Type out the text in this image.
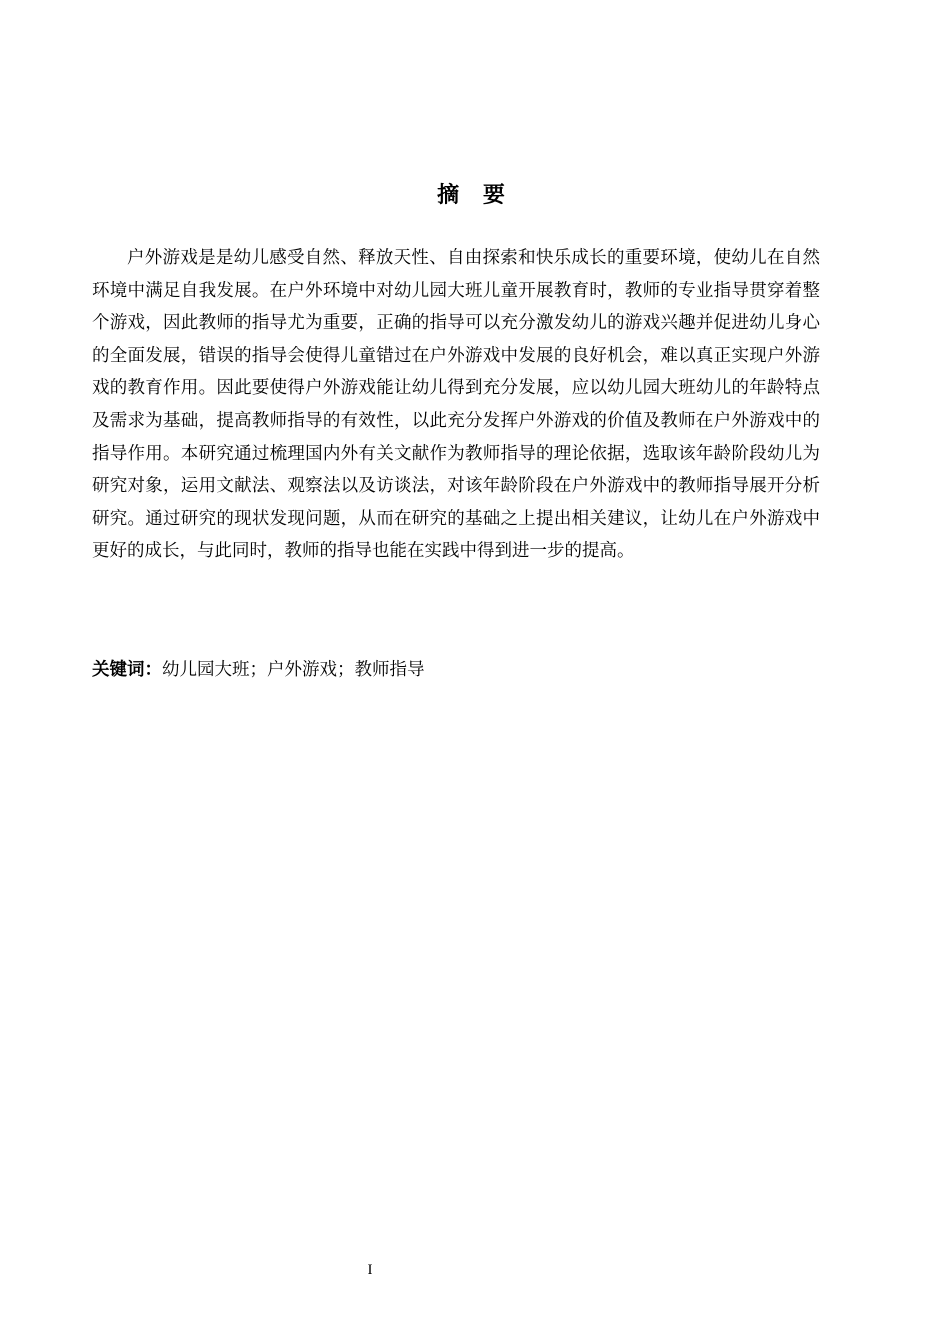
摘 要

户外游戏是是幼儿感受自然、释放天性、自由探索和快乐成长的重要环境，使幼儿在自然环境中满足自我发展。在户外环境中对幼儿园大班儿童开展教育时，教师的专业指导贯穿着整个游戏，因此教师的指导尤为重要，正确的指导可以充分激发幼儿的游戏兴趣并促进幼儿身心的全面发展，错误的指导会使得儿童错过在户外游戏中发展的良好机会，难以真正实现户外游戏的教育作用。因此要使得户外游戏能让幼儿得到充分发展，应以幼儿园大班幼儿的年龄特点及需求为基础，提高教师指导的有效性，以此充分发挥户外游戏的价值及教师在户外游戏中的指导作用。本研究通过梳理国内外有关文献作为教师指导的理论依据，选取该年龄阶段幼儿为研究对象，运用文献法、观察法以及访谈法，对该年龄阶段在户外游戏中的教师指导展开分析研究。通过研究的现状发现问题，从而在研究的基础之上提出相关建议，让幼儿在户外游戏中更好的成长，与此同时，教师的指导也能在实践中得到进一步的提高。

关键词：幼儿园大班；户外游戏；教师指导
I
